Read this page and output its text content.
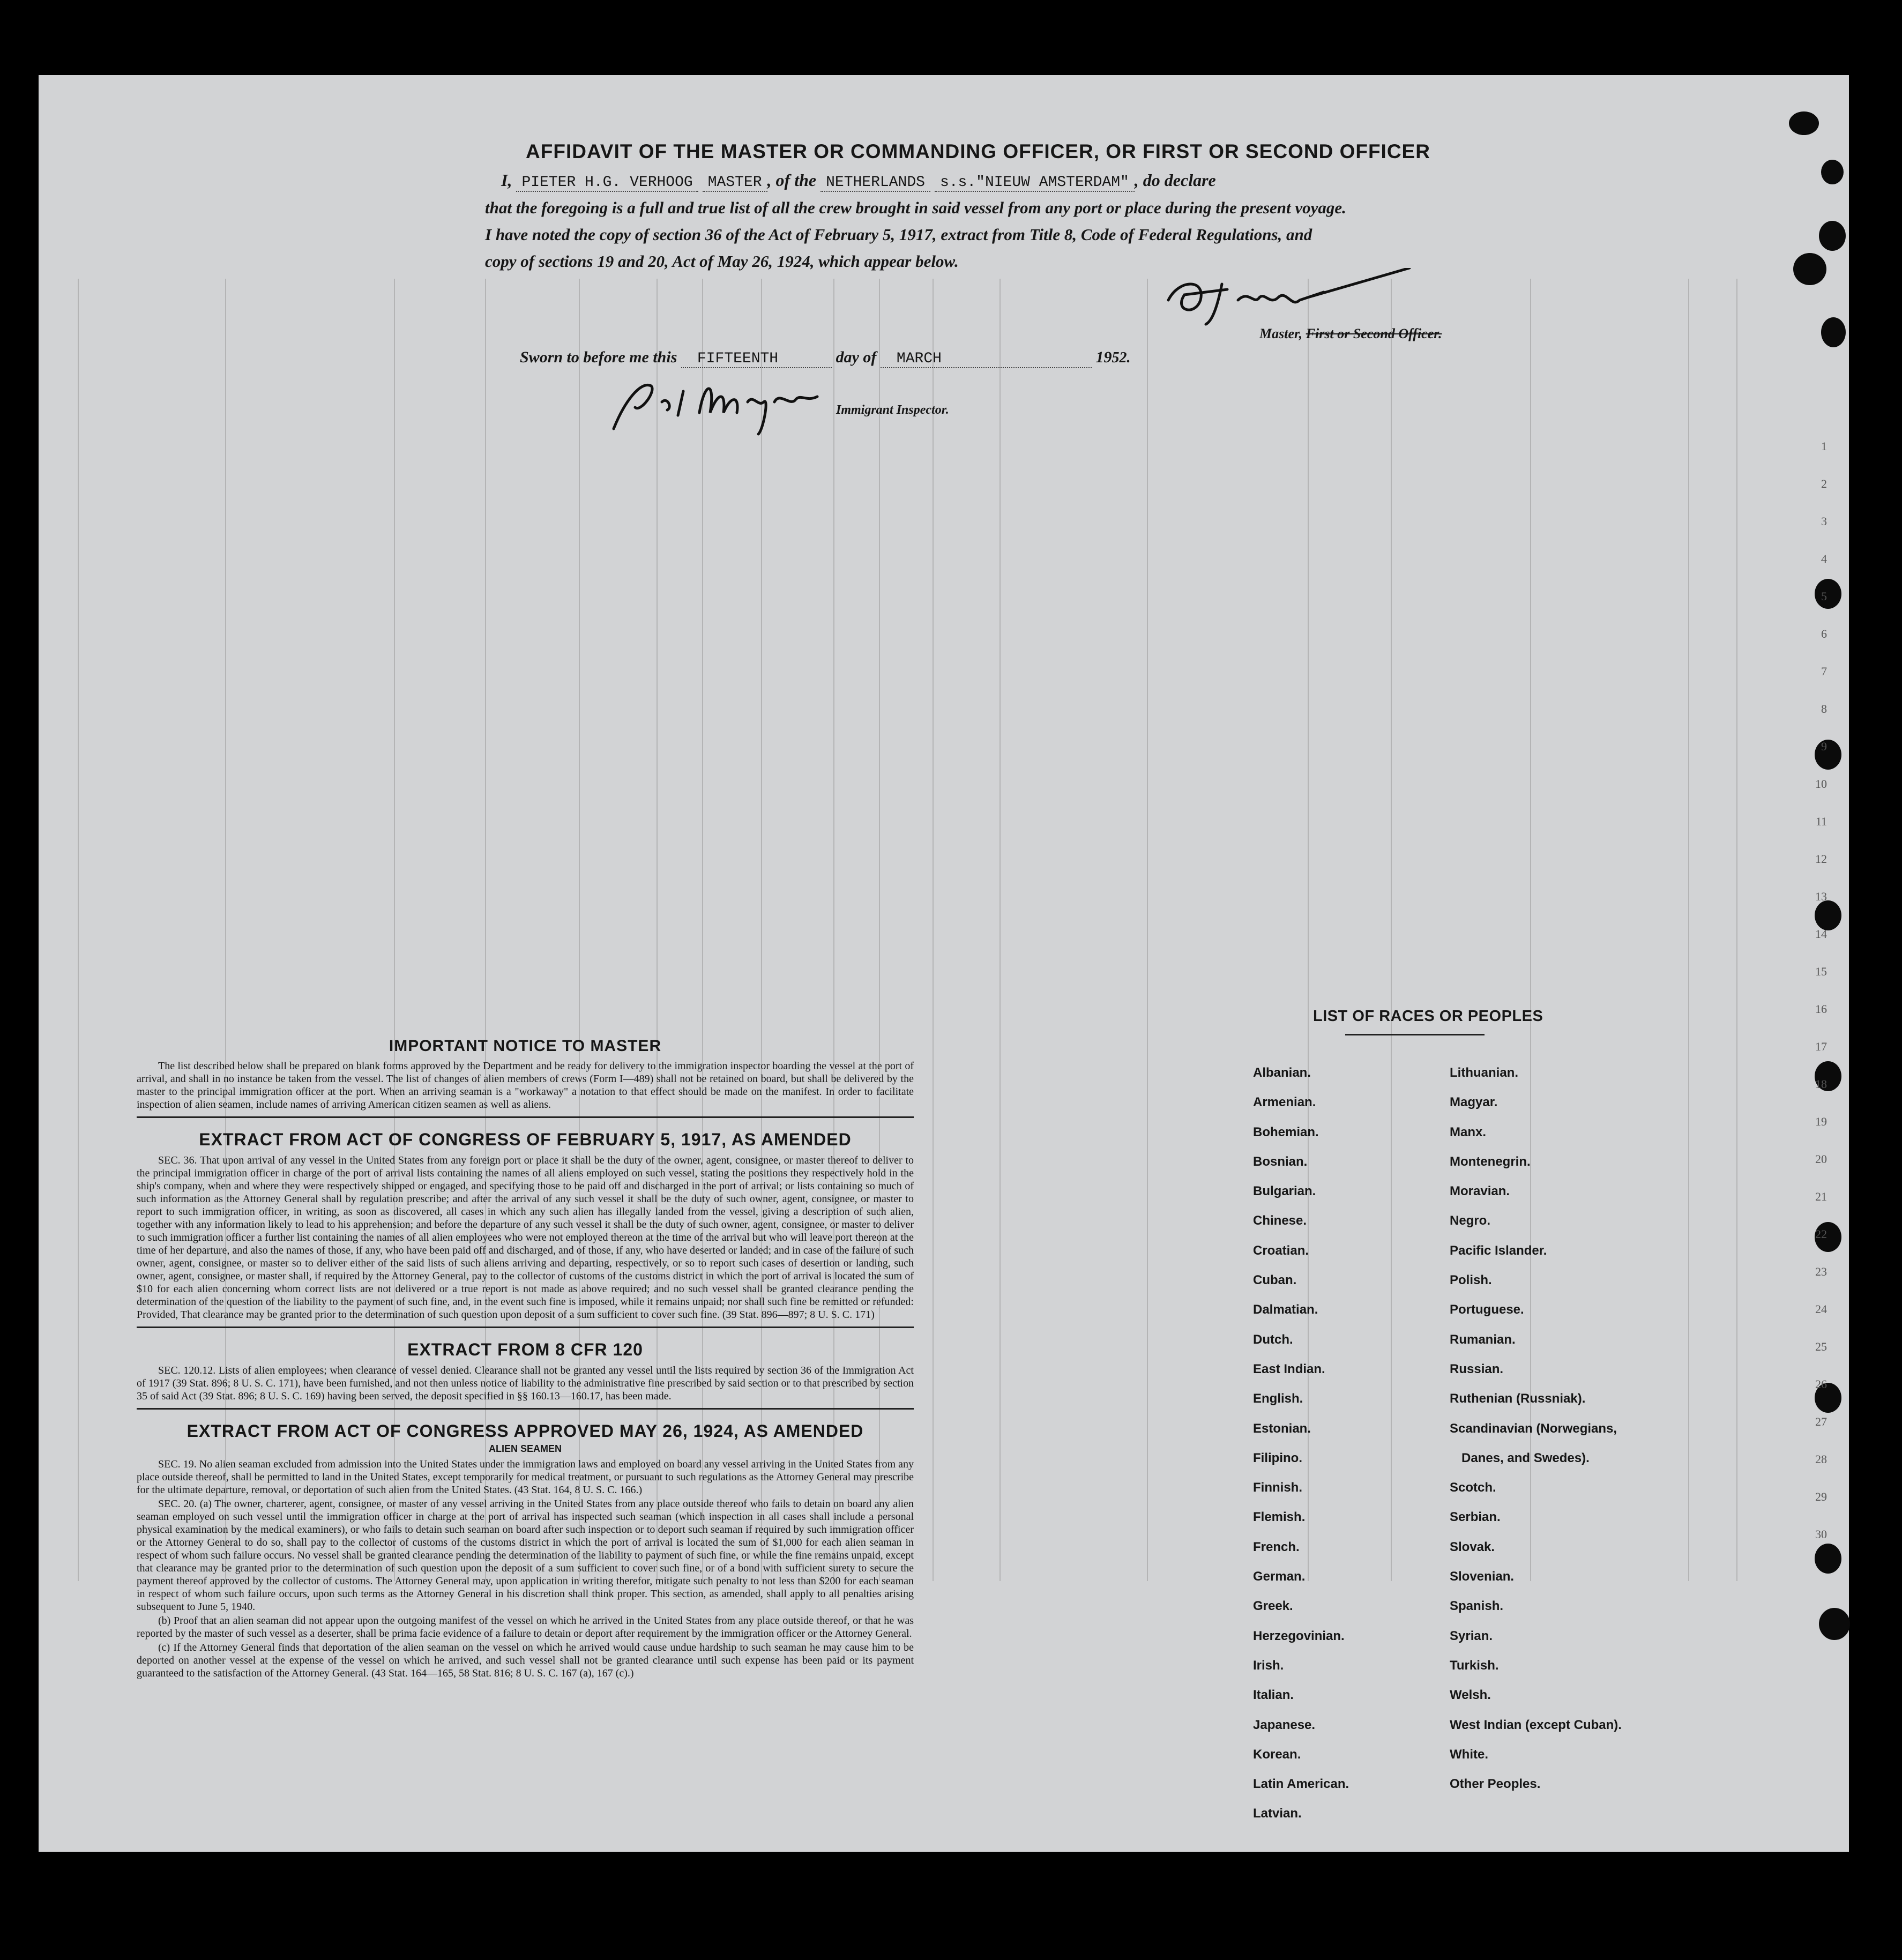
1
2
3
4
5
6
7
8
9
10
11
12
13
14
15
16
17
18
19
20
21
22
23
24
25
26
27
28
29
30
AFFIDAVIT OF THE MASTER OR COMMANDING OFFICER, OR FIRST OR SECOND OFFICER
I, PIETER H.G. VERHOOG MASTER , of the NETHERLANDS s.s."NIEUW AMSTERDAM" , do declare
that the foregoing is a full and true list of all the crew brought in said vessel from any port or place during the present voyage.
I have noted the copy of section 36 of the Act of February 5, 1917, extract from Title 8, Code of Federal Regulations, and
copy of sections 19 and 20, Act of May 26, 1924, which appear below.
Master, First or Second Officer.
Sworn to before me this FIFTEENTH	day of MARCH	1952.
Immigrant Inspector.
IMPORTANT NOTICE TO MASTER

The list described below shall be prepared on blank forms approved by the Department and be ready for delivery to the immigration inspector boarding the vessel at the port of arrival, and shall in no instance be taken from the vessel. The list of changes of alien members of crews (Form I—489) shall not be retained on board, but shall be delivered by the master to the principal immigration officer at the port. When an arriving seaman is a "workaway" a notation to that effect should be made on the manifest. In order to facilitate inspection of alien seamen, include names of arriving American citizen seamen as well as aliens.

EXTRACT FROM ACT OF CONGRESS OF FEBRUARY 5, 1917, AS AMENDED

SEC. 36. That upon arrival of any vessel in the United States from any foreign port or place it shall be the duty of the owner, agent, consignee, or master thereof to deliver to the principal immigration officer in charge of the port of arrival lists containing the names of all aliens employed on such vessel, stating the positions they respectively hold in the ship's company, when and where they were respectively shipped or engaged, and specifying those to be paid off and discharged in the port of arrival; or lists containing so much of such information as the Attorney General shall by regulation prescribe; and after the arrival of any such vessel it shall be the duty of such owner, agent, consignee, or master to report to such immigration officer, in writing, as soon as discovered, all cases in which any such alien has illegally landed from the vessel, giving a description of such alien, together with any information likely to lead to his apprehension; and before the departure of any such vessel it shall be the duty of such owner, agent, consignee, or master to deliver to such immigration officer a further list containing the names of all alien employees who were not employed thereon at the time of the arrival but who will leave port thereon at the time of her departure, and also the names of those, if any, who have been paid off and discharged, and of those, if any, who have deserted or landed; and in case of the failure of such owner, agent, consignee, or master so to deliver either of the said lists of such aliens arriving and departing, respectively, or so to report such cases of desertion or landing, such owner, agent, consignee, or master shall, if required by the Attorney General, pay to the collector of customs of the customs district in which the port of arrival is located the sum of $10 for each alien concerning whom correct lists are not delivered or a true report is not made as above required; and no such vessel shall be granted clearance pending the determination of the question of the liability to the payment of such fine, and, in the event such fine is imposed, while it remains unpaid; nor shall such fine be remitted or refunded: Provided, That clearance may be granted prior to the determination of such question upon deposit of a sum sufficient to cover such fine. (39 Stat. 896—897; 8 U. S. C. 171)

EXTRACT FROM 8 CFR 120

SEC. 120.12. Lists of alien employees; when clearance of vessel denied. Clearance shall not be granted any vessel until the lists required by section 36 of the Immigration Act of 1917 (39 Stat. 896; 8 U. S. C. 171), have been furnished, and not then unless notice of liability to the administrative fine prescribed by said section or to that prescribed by section 35 of said Act (39 Stat. 896; 8 U. S. C. 169) having been served, the deposit specified in §§ 160.13—160.17, has been made.

EXTRACT FROM ACT OF CONGRESS APPROVED MAY 26, 1924, AS AMENDED
ALIEN SEAMEN

SEC. 19. No alien seaman excluded from admission into the United States under the immigration laws and employed on board any vessel arriving in the United States from any place outside thereof, shall be permitted to land in the United States, except temporarily for medical treatment, or pursuant to such regulations as the Attorney General may prescribe for the ultimate departure, removal, or deportation of such alien from the United States. (43 Stat. 164, 8 U. S. C. 166.)

SEC. 20. (a) The owner, charterer, agent, consignee, or master of any vessel arriving in the United States from any place outside thereof who fails to detain on board any alien seaman employed on such vessel until the immigration officer in charge at the port of arrival has inspected such seaman (which inspection in all cases shall include a personal physical examination by the medical examiners), or who fails to detain such seaman on board after such inspection or to deport such seaman if required by such immigration officer or the Attorney General to do so, shall pay to the collector of customs of the customs district in which the port of arrival is located the sum of $1,000 for each alien seaman in respect of whom such failure occurs. No vessel shall be granted clearance pending the determination of the liability to payment of such fine, or while the fine remains unpaid, except that clearance may be granted prior to the determination of such question upon the deposit of a sum sufficient to cover such fine, or of a bond with sufficient surety to secure the payment thereof approved by the collector of customs. The Attorney General may, upon application in writing therefor, mitigate such penalty to not less than $200 for each seaman in respect of whom such failure occurs, upon such terms as the Attorney General in his discretion shall think proper. This section, as amended, shall apply to all penalties arising subsequent to June 5, 1940.

(b) Proof that an alien seaman did not appear upon the outgoing manifest of the vessel on which he arrived in the United States from any place outside thereof, or that he was reported by the master of such vessel as a deserter, shall be prima facie evidence of a failure to detain or deport after requirement by the immigration officer or the Attorney General.

(c) If the Attorney General finds that deportation of the alien seaman on the vessel on which he arrived would cause undue hardship to such seaman he may cause him to be deported on another vessel at the expense of the vessel on which he arrived, and such vessel shall not be granted clearance until such expense has been paid or its payment guaranteed to the satisfaction of the Attorney General. (43 Stat. 164—165, 58 Stat. 816; 8 U. S. C. 167 (a), 167 (c).)

LIST OF RACES OR PEOPLES
Albanian.
Armenian.
Bohemian.
Bosnian.
Bulgarian.
Chinese.
Croatian.
Cuban.
Dalmatian.
Dutch.
East Indian.
English.
Estonian.
Filipino.
Finnish.
Flemish.
French.
German.
Greek.
Herzegovinian.
Irish.
Italian.
Japanese.
Korean.
Latin American.
Latvian.
Lithuanian.
Magyar.
Manx.
Montenegrin.
Moravian.
Negro.
Pacific Islander.
Polish.
Portuguese.
Rumanian.
Russian.
Ruthenian (Russniak).
Scandinavian (Norwegians,
Danes, and Swedes).
Scotch.
Serbian.
Slovak.
Slovenian.
Spanish.
Syrian.
Turkish.
Welsh.
West Indian (except Cuban).
White.
Other Peoples.
